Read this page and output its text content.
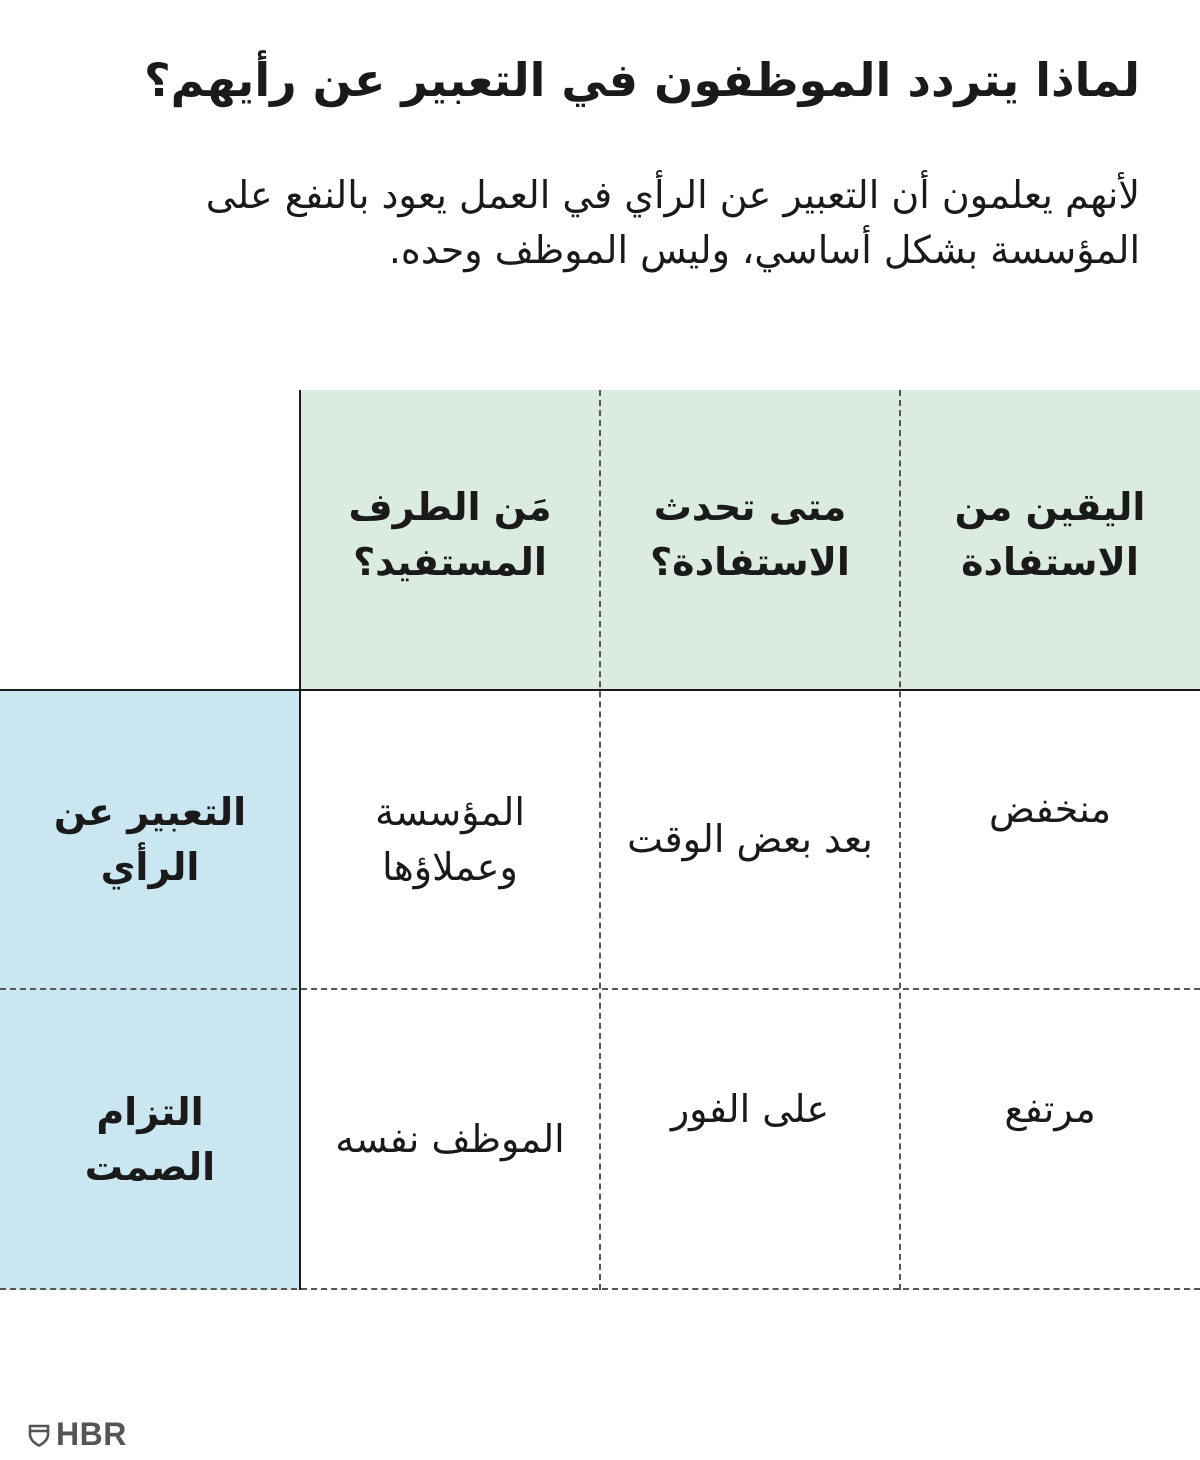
لماذا يتردد الموظفون في التعبير عن رأيهم؟

لأنهم يعلمون أن التعبير عن الرأي في العمل يعود بالنفع على المؤسسة بشكل أساسي، وليس الموظف وحده.

اليقين من الاستفادة
متى تحدث الاستفادة؟
مَن الطرف المستفيد؟
التعبير عن الرأي
منخفض
بعد بعض الوقت
المؤسسة وعملاؤها
التزام الصمت
مرتفع
على الفور
الموظف نفسه
HBR
